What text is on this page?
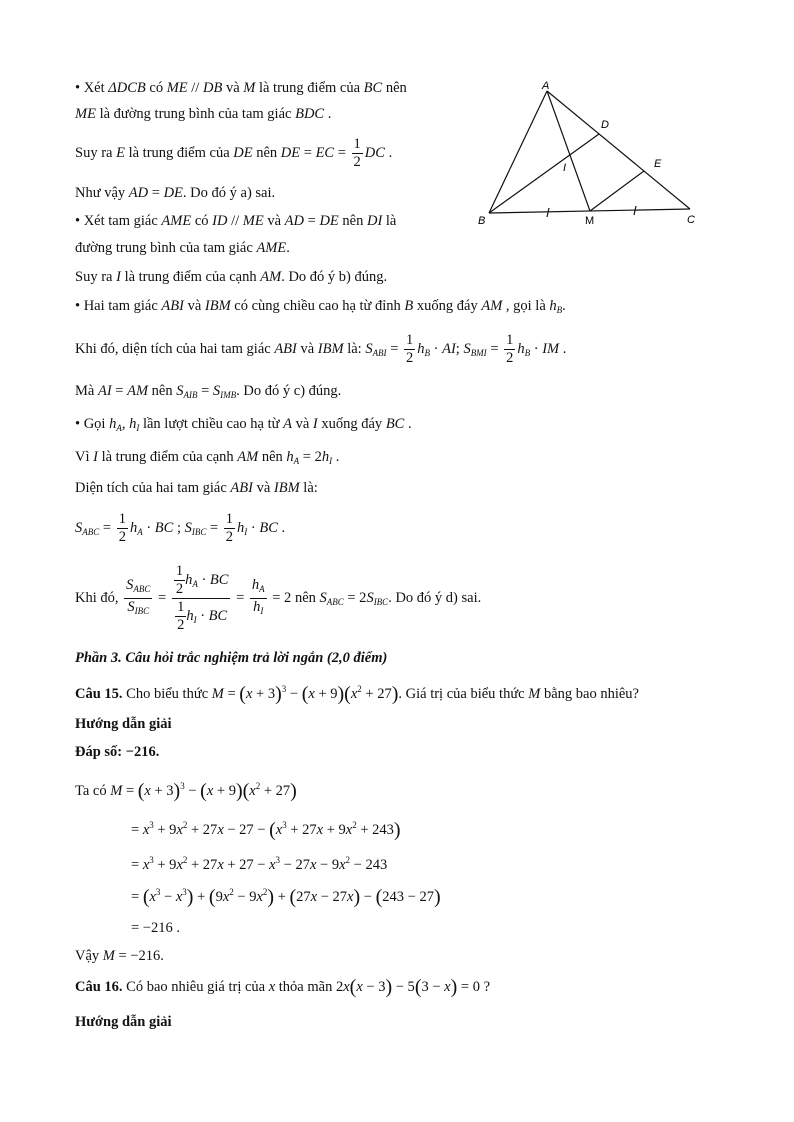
A
B	C
D
E
I
M
• Xét ΔDCB có ME // DB và M là trung điểm của BC nên
ME là đường trung bình của tam giác BDC .
Suy ra E là trung điểm của DE nên DE = EC = $\frac{1}{2}$ DC .
Như vậy AD = DE. Do đó ý a) sai.
• Xét tam giác AME có ID // ME và AD = DE nên DI là
đường trung bình của tam giác AME.
Suy ra I là trung điểm của cạnh AM. Do đó ý b) đúng.
• Hai tam giác ABI và IBM có cùng chiều cao hạ từ đỉnh B xuống đáy AM , gọi là $h_B$.
Khi đó, diện tích của hai tam giác ABI và IBM là: $S_{ABI} = \frac{1}{2} h_B$ · AI; $S_{BMI} = \frac{1}{2} h_B$ · IM .
Mà AI = AM nên $S_{AIB} = S_{IMB}$. Do đó ý c) đúng.
• Gọi $h_A$, $h_I$ lần lượt chiều cao hạ từ A và I xuống đáy BC .
Vì I là trung điểm của cạnh AM nên $h_A = 2h_I$ .
Diện tích của hai tam giác ABI và IBM là:
$S_{ABC} = \frac{1}{2} h_A$ · BC ; $S_{IBC} = \frac{1}{2} h_I$ · BC .
Khi đó, $\frac{S_{ABC}}{S_{IBC}} = \frac{\frac{1}{2} h_A \cdot BC}{\frac{1}{2} h_I \cdot BC} = \frac{h_A}{h_I} = 2$ nên $S_{ABC} = 2S_{IBC}$. Do đó ý d) sai.
Phần 3. Câu hỏi trắc nghiệm trả lời ngắn (2,0 điểm)
Câu 15. Cho biểu thức $M = (x + 3)^3 - (x + 9)(x^2 + 27)$. Giá trị của biểu thức M bằng bao nhiêu?
Hướng dẫn giải
Đáp số: −216.
Ta có $M = (x + 3)^3 - (x + 9)(x^2 + 27)$
= $x^3 + 9x^2 + 27x - 27 - (x^3 + 27x + 9x^2 + 243)$
= $x^3 + 9x^2 + 27x + 27 - x^3 - 27x - 9x^2 - 243$
= $(x^3 - x^3) + (9x^2 - 9x^2) + (27x - 27x) - (243 - 27)$
= −216 .
Vậy M = −216.
Câu 16. Có bao nhiêu giá trị của x thỏa mãn 2x(x − 3) − 5(3 − x) = 0 ?
Hướng dẫn giải
